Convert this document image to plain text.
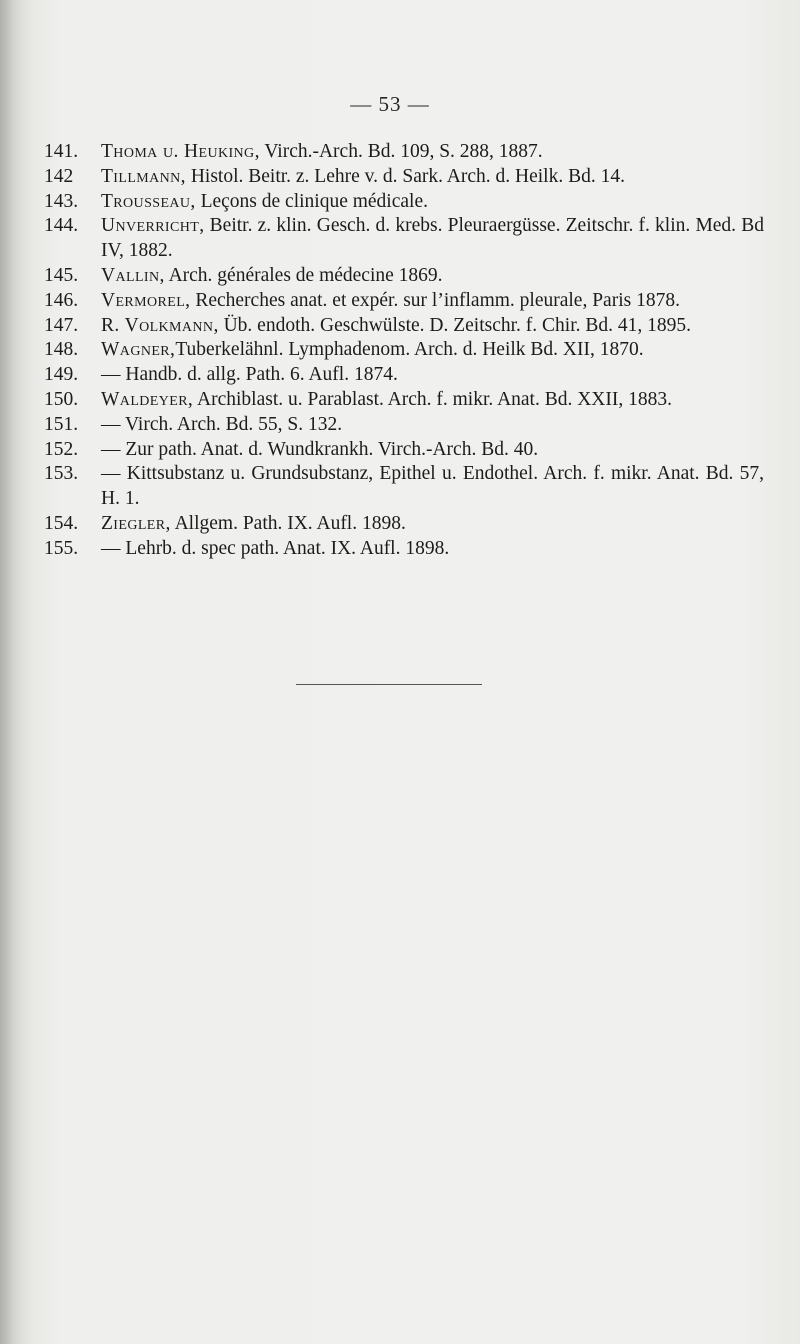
— 53 —
141. Thoma u. Heuking, Virch.-Arch. Bd. 109, S. 288, 1887.
142 Tillmann, Histol. Beitr. z. Lehre v. d. Sark. Arch. d. Heilk. Bd. 14.
143. Trousseau, Leçons de clinique médicale.
144. Unverricht, Beitr. z. klin. Gesch. d. krebs. Pleuraergüsse. Zeitschr. f. klin. Med. Bd IV, 1882.
145. Vallin, Arch. générales de médecine 1869.
146. Vermorel, Recherches anat. et expér. sur l’inflamm. pleurale, Paris 1878.
147. R. Volkmann, Üb. endoth. Geschwülste. D. Zeitschr. f. Chir. Bd. 41, 1895.
148. Wagner,Tuberkelähnl. Lymphadenom. Arch. d. Heilk Bd. XII, 1870.
149. — Handb. d. allg. Path. 6. Aufl. 1874.
150. Waldeyer, Archiblast. u. Parablast. Arch. f. mikr. Anat. Bd. XXII, 1883.
151. — Virch. Arch. Bd. 55, S. 132.
152. — Zur path. Anat. d. Wundkrankh. Virch.-Arch. Bd. 40.
153. — Kittsubstanz u. Grundsubstanz, Epithel u. Endothel. Arch. f. mikr. Anat. Bd. 57, H. 1.
154. Ziegler, Allgem. Path. IX. Aufl. 1898.
155. — Lehrb. d. spec path. Anat. IX. Aufl. 1898.
